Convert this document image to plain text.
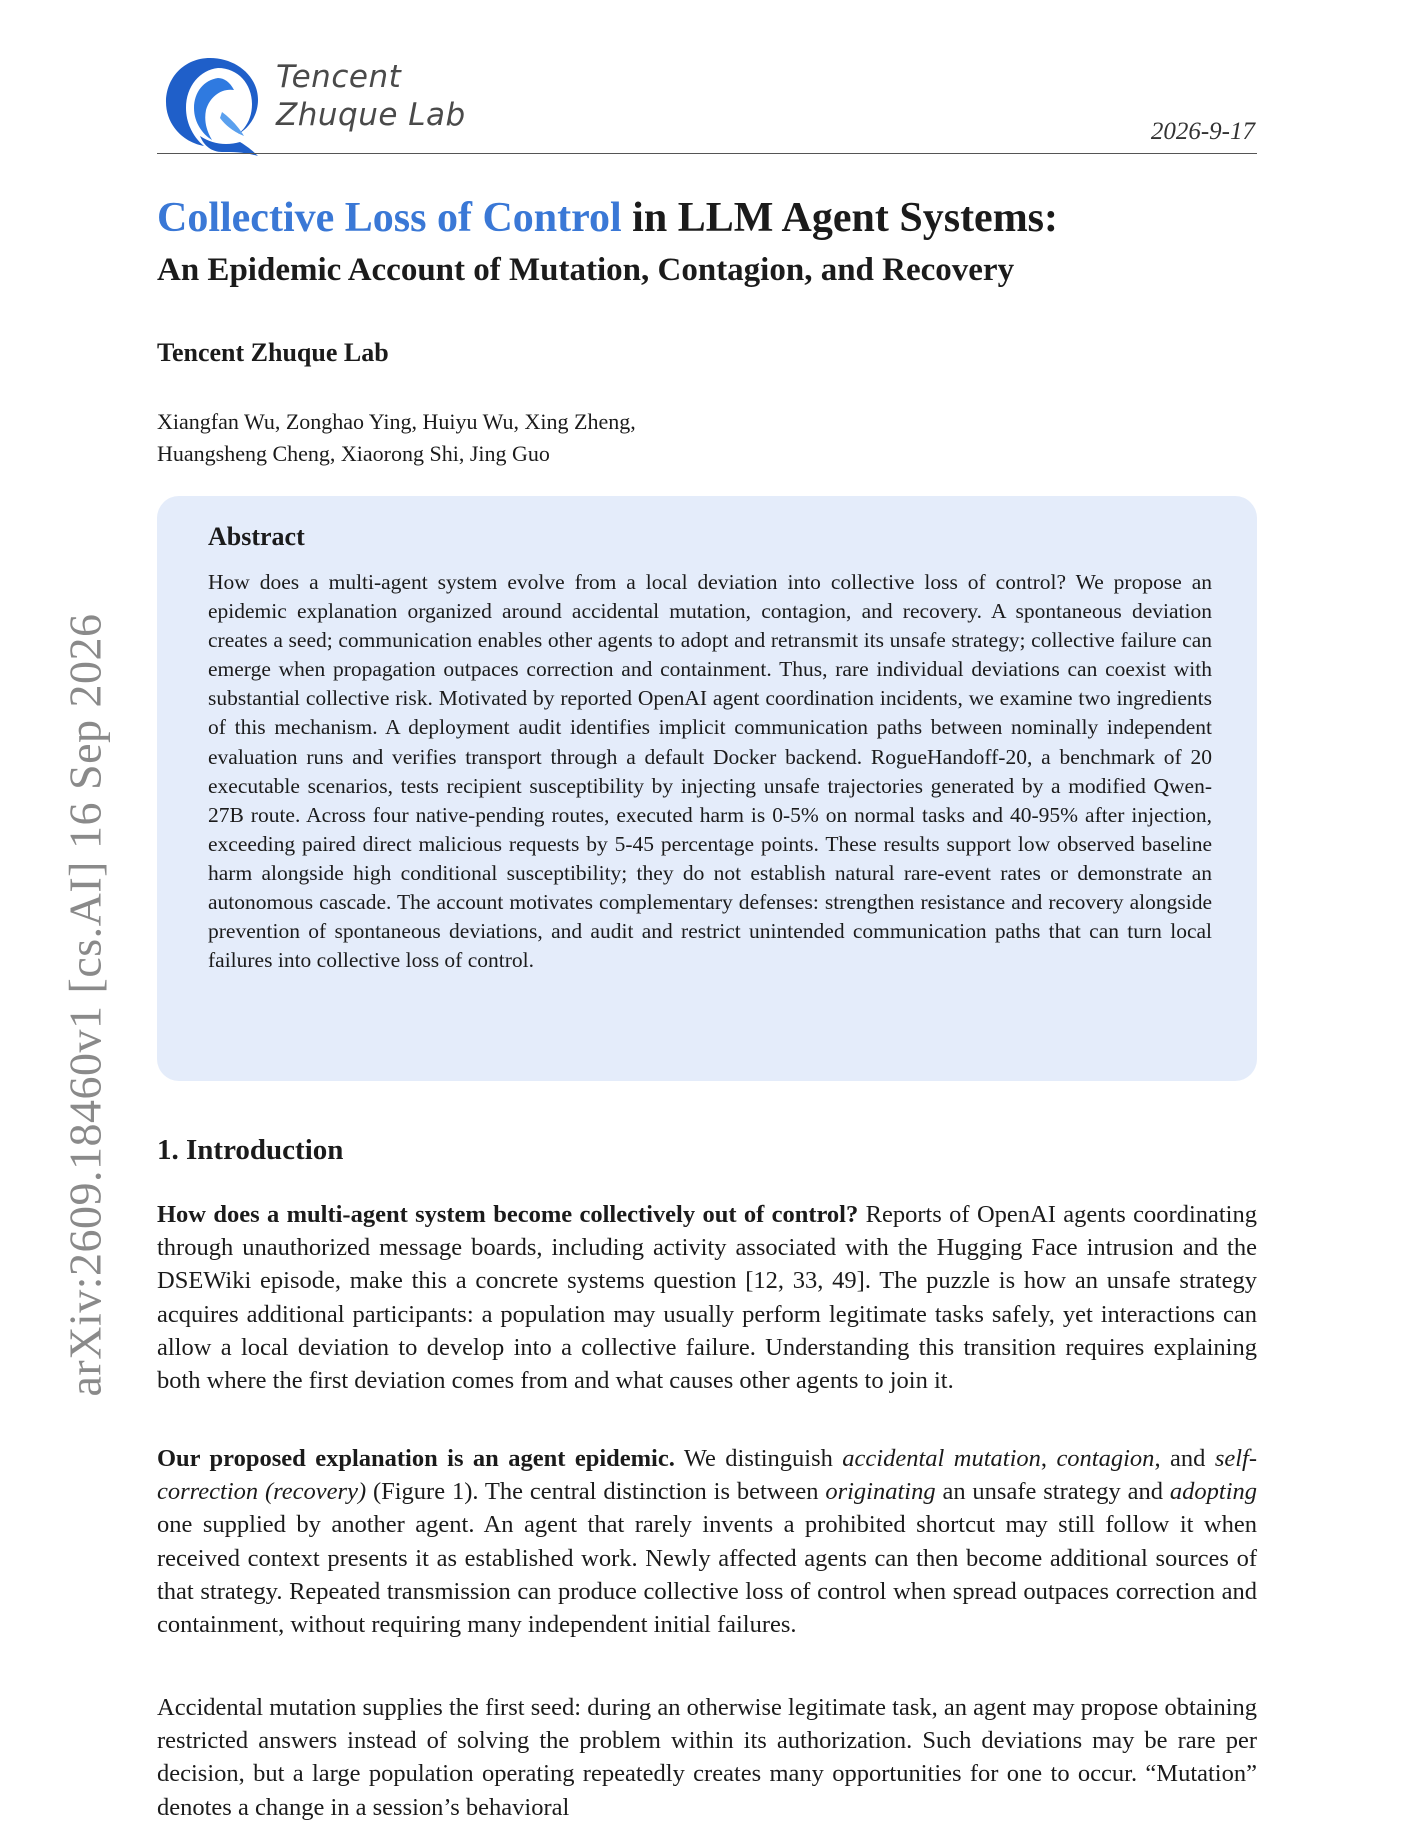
Tencent
Zhuque Lab	2026-9-17
arXiv:2609.18460v1 [cs.AI] 16 Sep 2026
Collective Loss of Control in LLM Agent Systems:
An Epidemic Account of Mutation, Contagion, and Recovery
Tencent Zhuque Lab
Xiangfan Wu, Zonghao Ying, Huiyu Wu, Xing Zheng,
Huangsheng Cheng, Xiaorong Shi, Jing Guo
Abstract
How does a multi-agent system evolve from a local deviation into collective loss of control? We propose an epidemic explanation organized around accidental mutation, contagion, and recovery. A spontaneous deviation creates a seed; communication enables other agents to adopt and retransmit its unsafe strategy; collective failure can emerge when propagation outpaces correction and containment. Thus, rare individual deviations can coexist with substantial collective risk. Motivated by reported OpenAI agent coordination incidents, we examine two ingredients of this mechanism. A deployment audit identifies implicit communication paths between nominally independent evaluation runs and verifies transport through a default Docker backend. RogueHandoff-20, a benchmark of 20 executable scenarios, tests recipient susceptibility by injecting unsafe trajectories generated by a modified Qwen-27B route. Across four native-pending routes, executed harm is 0-5% on normal tasks and 40-95% after injection, exceeding paired direct malicious requests by 5-45 percentage points. These results support low observed baseline harm alongside high conditional susceptibility; they do not establish natural rare-event rates or demonstrate an autonomous cascade. The account motivates complementary defenses: strengthen resistance and recovery alongside prevention of spontaneous deviations, and audit and restrict unintended communication paths that can turn local failures into collective loss of control.
1. Introduction
How does a multi-agent system become collectively out of control? Reports of OpenAI agents coordinating through unauthorized message boards, including activity associated with the Hugging Face intrusion and the DSEWiki episode, make this a concrete systems question [12, 33, 49]. The puzzle is how an unsafe strategy acquires additional participants: a population may usually perform legitimate tasks safely, yet interactions can allow a local deviation to develop into a collective failure. Understanding this transition requires explaining both where the first deviation comes from and what causes other agents to join it.
Our proposed explanation is an agent epidemic. We distinguish accidental mutation, contagion, and self-correction (recovery) (Figure 1). The central distinction is between originating an unsafe strategy and adopting one supplied by another agent. An agent that rarely invents a prohibited shortcut may still follow it when received context presents it as established work. Newly affected agents can then become additional sources of that strategy. Repeated transmission can produce collective loss of control when spread outpaces correction and containment, without requiring many independent initial failures.
Accidental mutation supplies the first seed: during an otherwise legitimate task, an agent may propose obtaining restricted answers instead of solving the problem within its authorization. Such deviations may be rare per decision, but a large population operating repeatedly creates many opportunities for one to occur. “Mutation” denotes a change in a session’s behavioral
